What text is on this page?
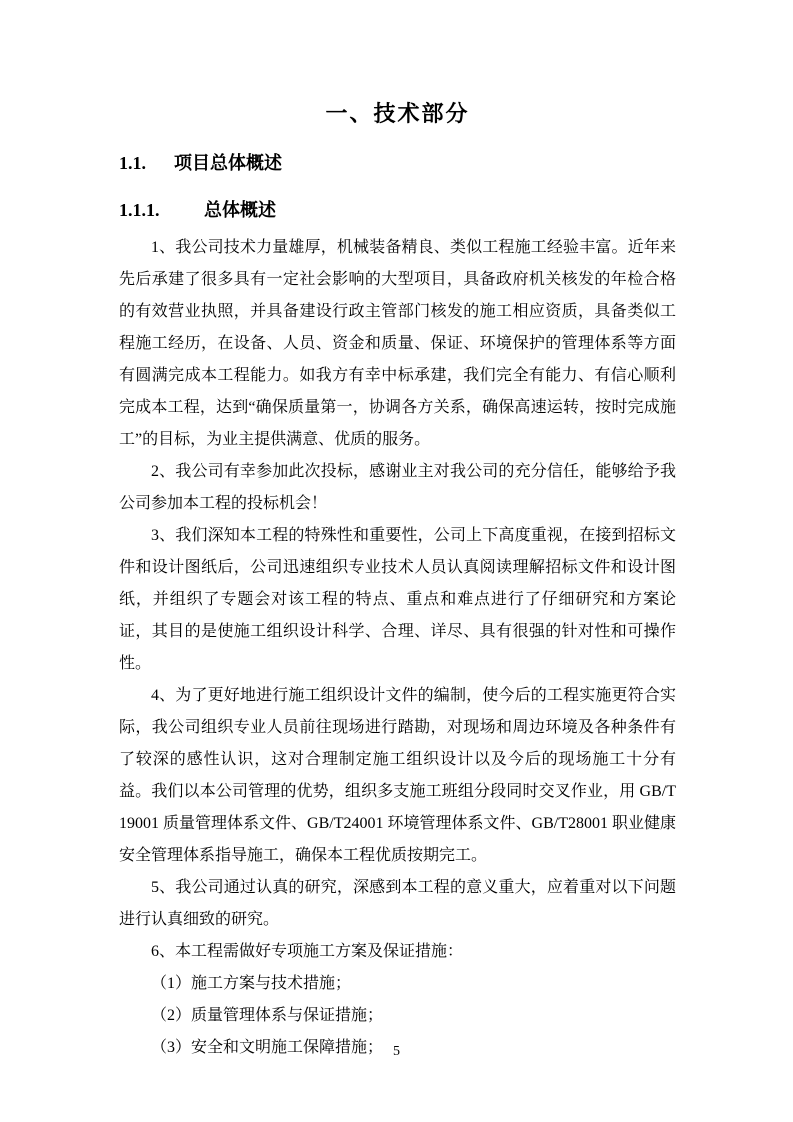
一、技术部分
1.1. 项目总体概述
1.1.1. 总体概述

1、我公司技术力量雄厚，机械装备精良、类似工程施工经验丰富。近年来先后承建了很多具有一定社会影响的大型项目，具备政府机关核发的年检合格的有效营业执照，并具备建设行政主管部门核发的施工相应资质，具备类似工程施工经历，在设备、人员、资金和质量、保证、环境保护的管理体系等方面有圆满完成本工程能力。如我方有幸中标承建，我们完全有能力、有信心顺利完成本工程，达到“确保质量第一，协调各方关系，确保高速运转，按时完成施工”的目标，为业主提供满意、优质的服务。

2、我公司有幸参加此次投标，感谢业主对我公司的充分信任，能够给予我公司参加本工程的投标机会！

3、我们深知本工程的特殊性和重要性，公司上下高度重视，在接到招标文件和设计图纸后，公司迅速组织专业技术人员认真阅读理解招标文件和设计图纸，并组织了专题会对该工程的特点、重点和难点进行了仔细研究和方案论证，其目的是使施工组织设计科学、合理、详尽、具有很强的针对性和可操作性。

4、为了更好地进行施工组织设计文件的编制，使今后的工程实施更符合实际，我公司组织专业人员前往现场进行踏勘，对现场和周边环境及各种条件有了较深的感性认识，这对合理制定施工组织设计以及今后的现场施工十分有益。我们以本公司管理的优势，组织多支施工班组分段同时交叉作业，用 GB/T19001 质量管理体系文件、GB/T24001 环境管理体系文件、GB/T28001 职业健康安全管理体系指导施工，确保本工程优质按期完工。

5、我公司通过认真的研究，深感到本工程的意义重大，应着重对以下问题进行认真细致的研究。

6、本工程需做好专项施工方案及保证措施：

（1）施工方案与技术措施；

（2）质量管理体系与保证措施；

（3）安全和文明施工保障措施； 5
